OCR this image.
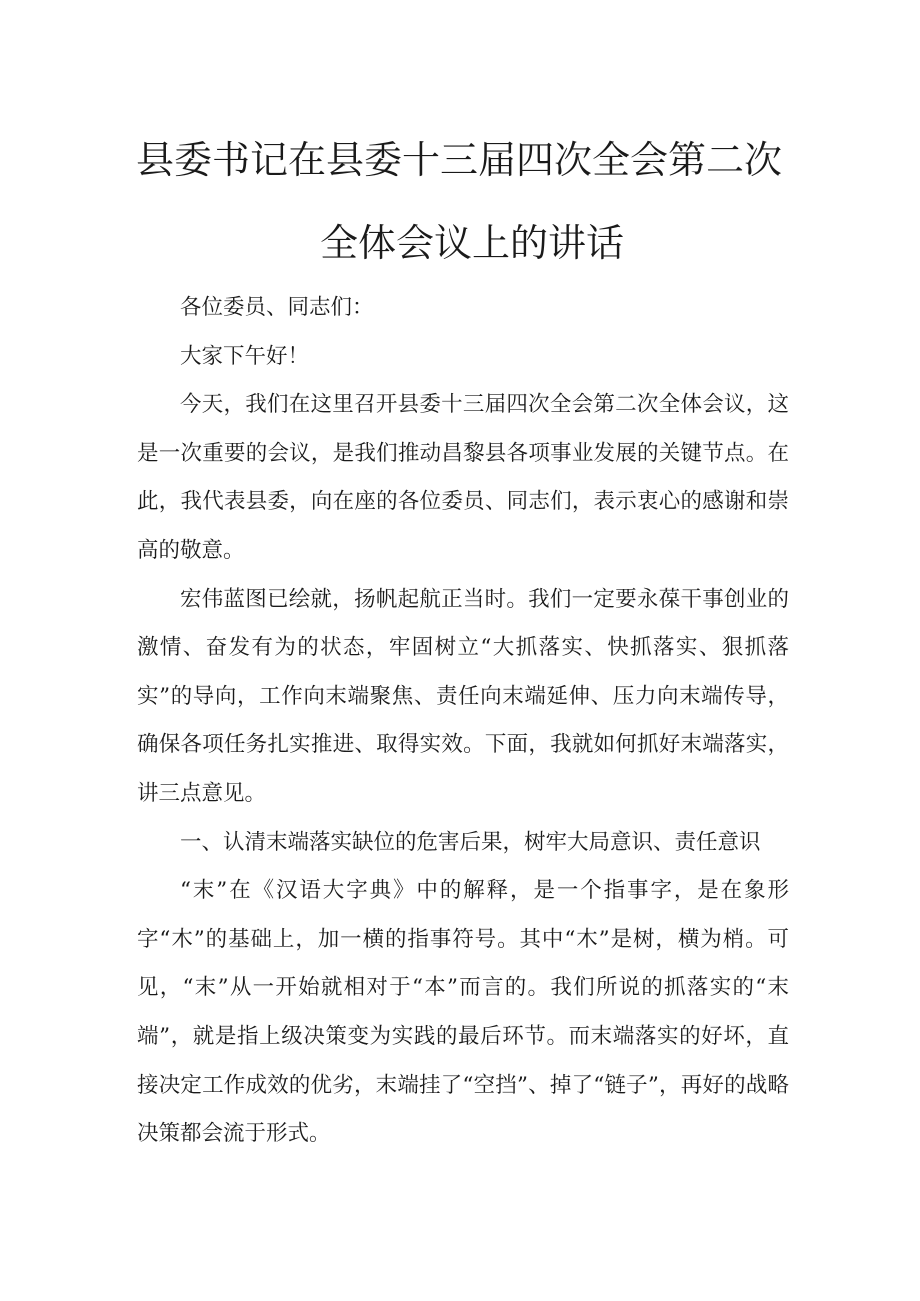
县委书记在县委十三届四次全会第二次
全体会议上的讲话

各位委员、同志们：

大家下午好！

今天，我们在这里召开县委十三届四次全会第二次全体会议，这是一次重要的会议，是我们推动昌黎县各项事业发展的关键节点。在此，我代表县委，向在座的各位委员、同志们，表示衷心的感谢和崇高的敬意。

宏伟蓝图已绘就，扬帆起航正当时。我们一定要永葆干事创业的激情、奋发有为的状态，牢固树立“大抓落实、快抓落实、狠抓落实”的导向，工作向末端聚焦、责任向末端延伸、压力向末端传导，确保各项任务扎实推进、取得实效。下面，我就如何抓好末端落实，讲三点意见。

一、认清末端落实缺位的危害后果，树牢大局意识、责任意识

“末”在《汉语大字典》中的解释，是一个指事字，是在象形字“木”的基础上，加一横的指事符号。其中“木”是树，横为梢。可见，“末”从一开始就相对于“本”而言的。我们所说的抓落实的“末端”，就是指上级决策变为实践的最后环节。而末端落实的好坏，直接决定工作成效的优劣，末端挂了“空挡”、掉了“链子”，再好的战略决策都会流于形式。
